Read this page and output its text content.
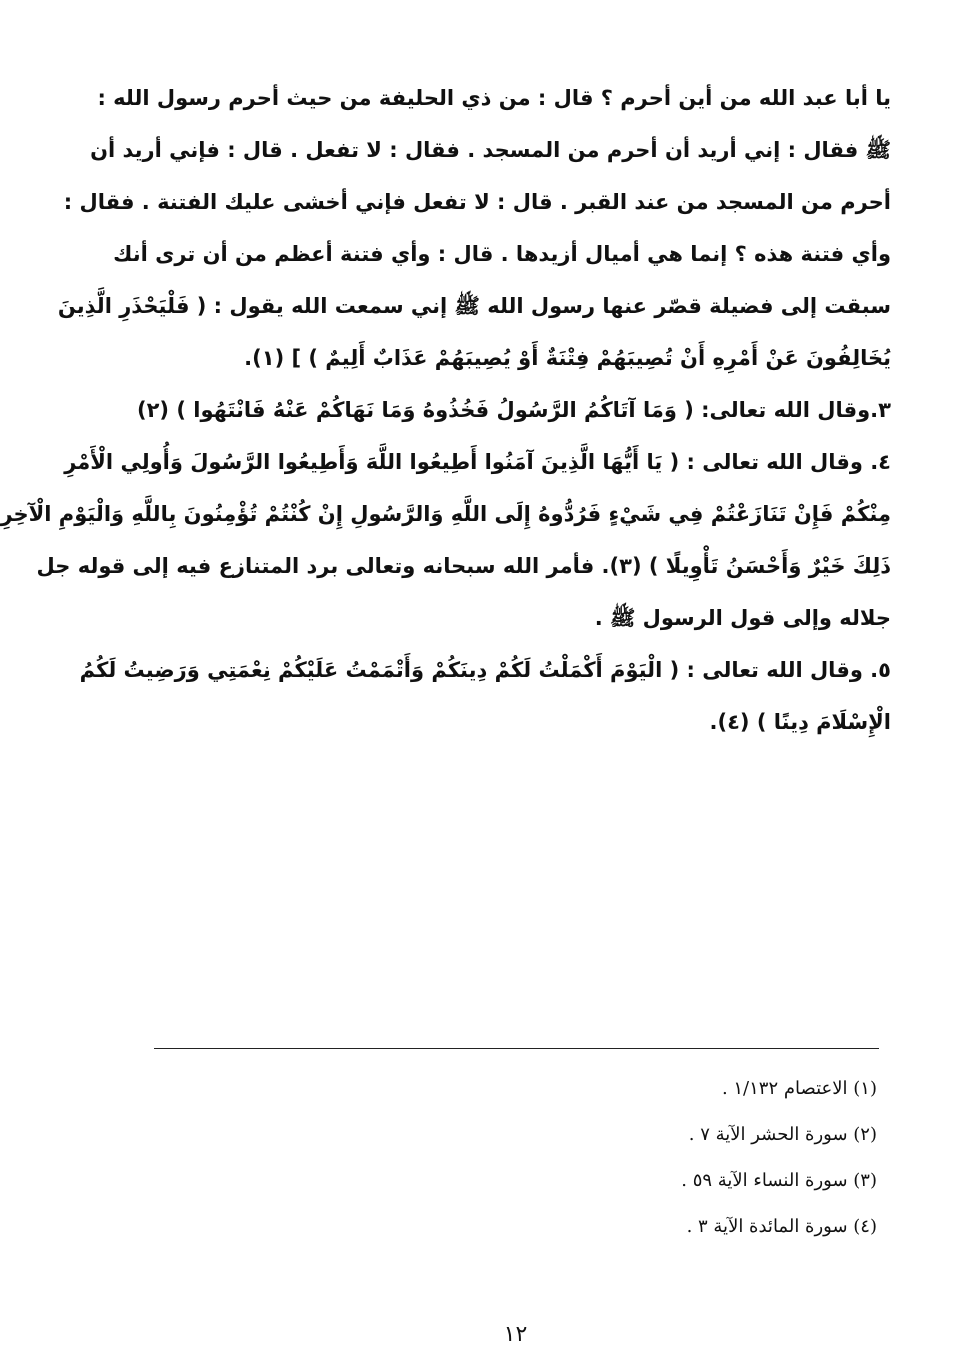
يا أبا عبد الله من أين أحرم ؟ قال : من ذي الحليفة من حيث أحرم رسول الله :
ﷺ فقال : إني أريد أن أحرم من المسجد . فقال : لا تفعل . قال : فإني أريد أن
أحرم من المسجد من عند القبر . قال : لا تفعل فإني أخشى عليك الفتنة . فقال :
وأي فتنة هذه ؟ إنما هي أميال أزيدها . قال : وأي فتنة أعظم من أن ترى أنك
سبقت إلى فضيلة قصّر عنها رسول الله ﷺ إني سمعت الله يقول : ( فَلْيَحْذَرِ الَّذِينَ
يُخَالِفُونَ عَنْ أَمْرِهِ أَنْ تُصِيبَهُمْ فِتْنَةٌ أَوْ يُصِيبَهُمْ عَذَابٌ أَلِيمٌ ) ] (١).
٣.وقال الله تعالى: ( وَمَا آتَاكُمُ الرَّسُولُ فَخُذُوهُ وَمَا نَهَاكُمْ عَنْهُ فَانْتَهُوا ) (٢)
٤. وقال الله تعالى : ( يَا أَيُّهَا الَّذِينَ آمَنُوا أَطِيعُوا اللَّهَ وَأَطِيعُوا الرَّسُولَ وَأُولِي الْأَمْرِ
مِنْكُمْ فَإِنْ تَنَازَعْتُمْ فِي شَيْءٍ فَرُدُّوهُ إِلَى اللَّهِ وَالرَّسُولِ إِنْ كُنْتُمْ تُؤْمِنُونَ بِاللَّهِ وَالْيَوْمِ الْآخِرِ
ذَلِكَ خَيْرٌ وَأَحْسَنُ تَأْوِيلًا ) (٣). فأمر الله سبحانه وتعالى برد المتنازع فيه إلى قوله جل
جلاله وإلى قول الرسول ﷺ .
٥. وقال الله تعالى : ( الْيَوْمَ أَكْمَلْتُ لَكُمْ دِينَكُمْ وَأَتْمَمْتُ عَلَيْكُمْ نِعْمَتِي وَرَضِيتُ لَكُمُ
الْإِسْلَامَ دِينًا ) (٤).
(١) الاعتصام ١/١٣٢ .
(٢) سورة الحشر الآية ٧ .
(٣) سورة النساء الآية ٥٩ .
(٤) سورة المائدة الآية ٣ .
١٢
